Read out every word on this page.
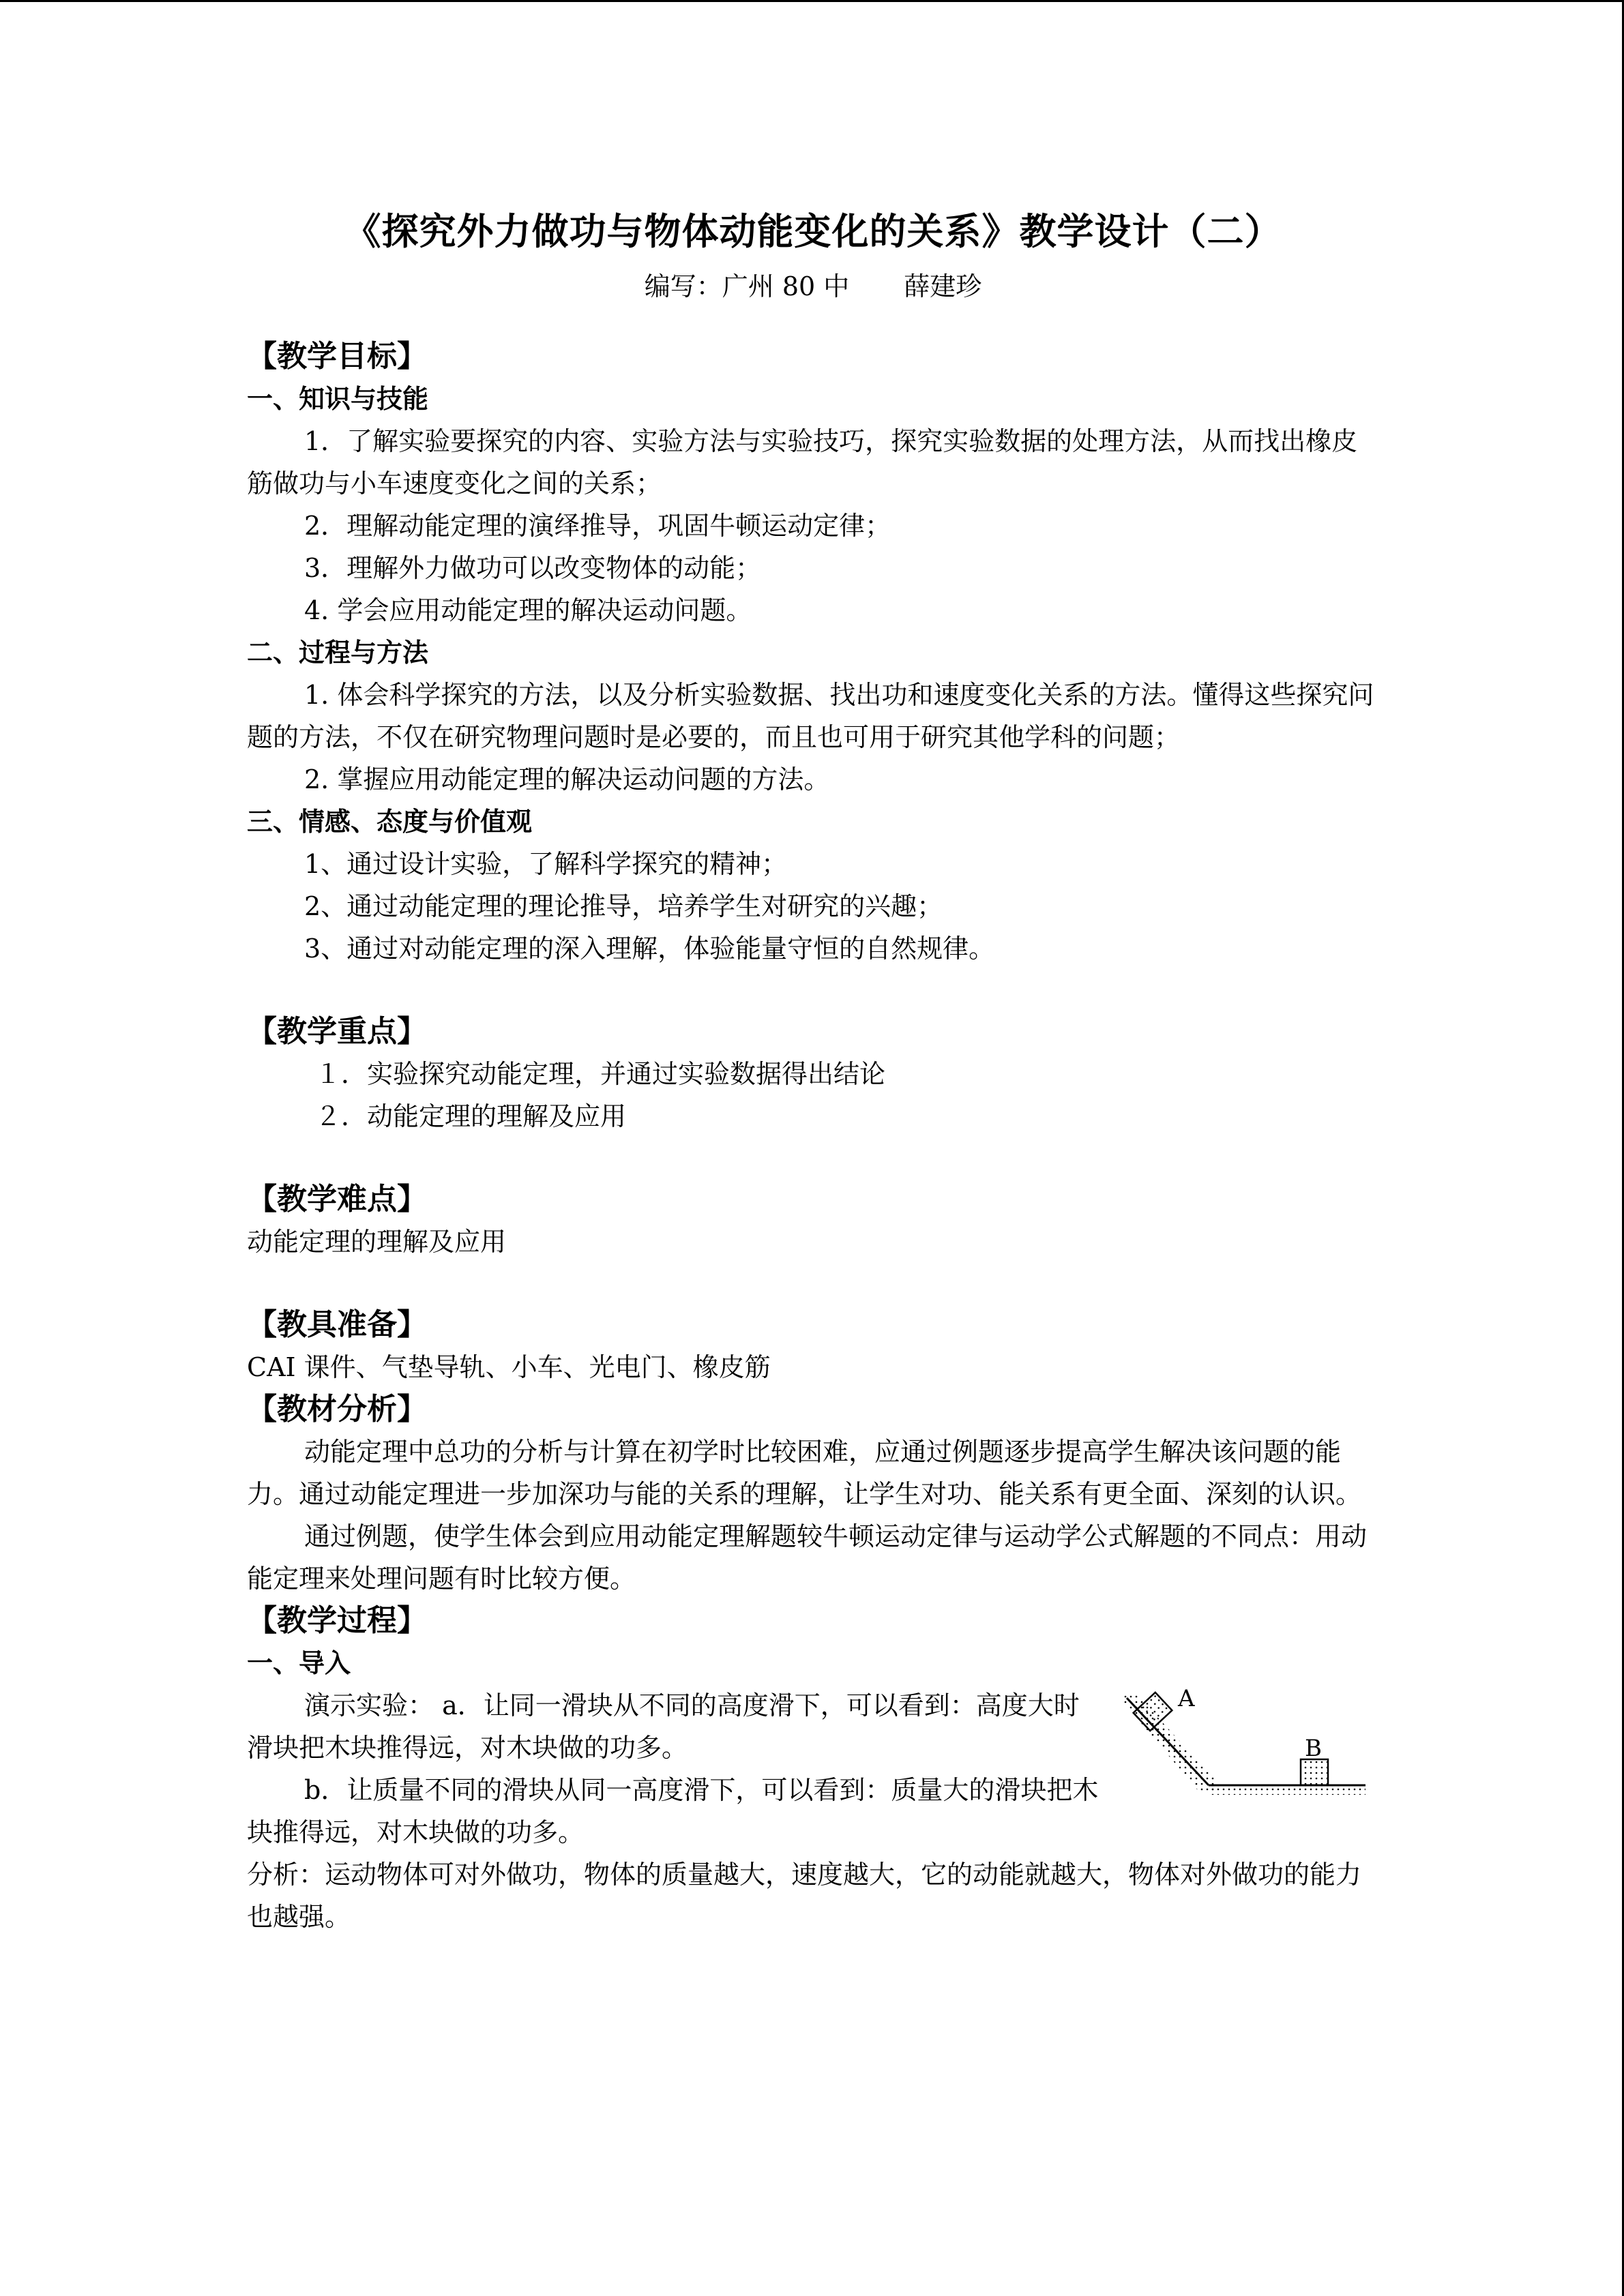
《探究外力做功与物体动能变化的关系》教学设计（二）
编写：广州 80 中 薛建珍
【教学目标】
一、知识与技能

1．了解实验要探究的内容、实验方法与实验技巧，探究实验数据的处理方法，从而找出橡皮筋做功与小车速度变化之间的关系；

2．理解动能定理的演绎推导，巩固牛顿运动定律；

3．理解外力做功可以改变物体的动能；

4. 学会应用动能定理的解决运动问题。

二、过程与方法

1. 体会科学探究的方法，以及分析实验数据、找出功和速度变化关系的方法。懂得这些探究问题的方法，不仅在研究物理问题时是必要的，而且也可用于研究其他学科的问题；

2. 掌握应用动能定理的解决运动问题的方法。

三、情感、态度与价值观

1、通过设计实验，了解科学探究的精神；

2、通过动能定理的理论推导，培养学生对研究的兴趣；

3、通过对动能定理的深入理解，体验能量守恒的自然规律。

【教学重点】

１．实验探究动能定理，并通过实验数据得出结论

２．动能定理的理解及应用

【教学难点】

动能定理的理解及应用

【教具准备】

CAI 课件、气垫导轨、小车、光电门、橡皮筋

【教材分析】

动能定理中总功的分析与计算在初学时比较困难，应通过例题逐步提高学生解决该问题的能力。通过动能定理进一步加深功与能的关系的理解，让学生对功、能关系有更全面、深刻的认识。

通过例题，使学生体会到应用动能定理解题较牛顿运动定律与运动学公式解题的不同点：用动能定理来处理问题有时比较方便。

【教学过程】
一、导入

演示实验： a．让同一滑块从不同的高度滑下，可以看到：高度大时滑块把木块推得远，对木块做的功多。

b．让质量不同的滑块从同一高度滑下，可以看到：质量大的滑块把木块推得远，对木块做的功多。

A
B

分析：运动物体可对外做功，物体的质量越大，速度越大，它的动能就越大，物体对外做功的能力也越强。
